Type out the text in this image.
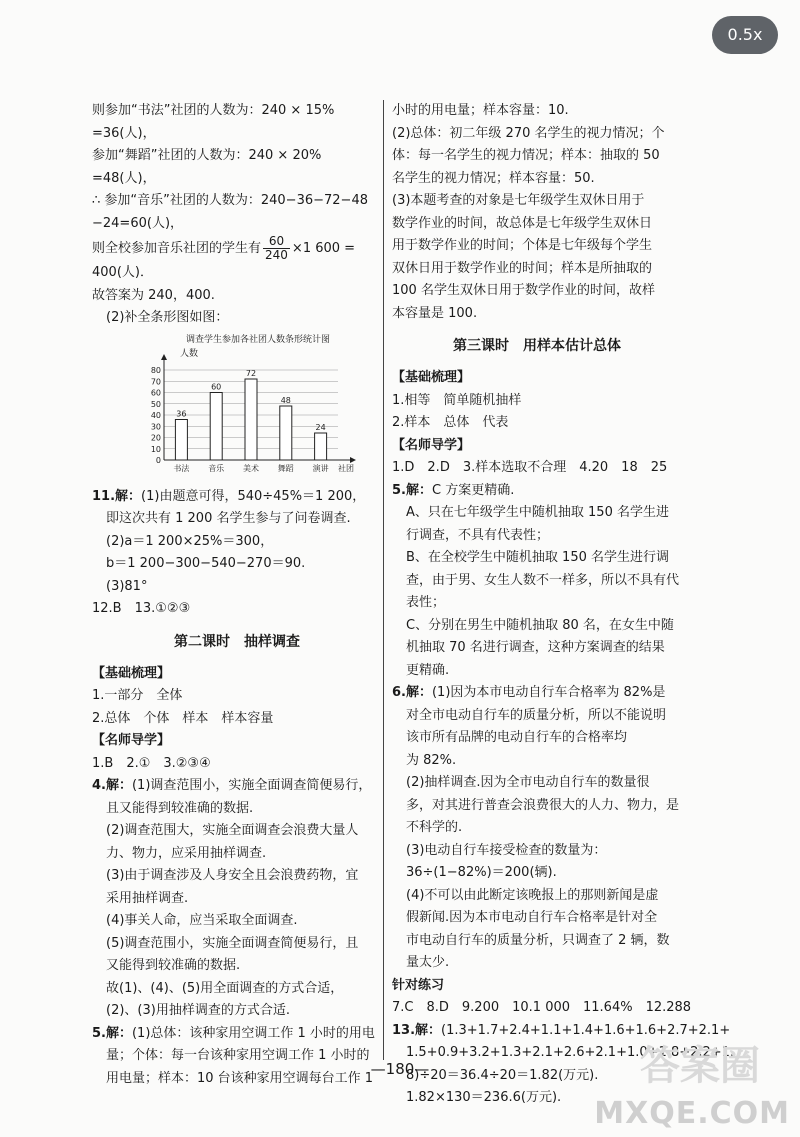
则参加“书法”社团的人数为：240 × 15%
=36(人)，
参加“舞蹈”社团的人数为：240 × 20%
=48(人)，
∴ 参加“音乐”社团的人数为：240−36−72−48
−24=60(人)，
则全校参加音乐社团的学生有 $\frac{60}{240} \times 1$ 600 =
400(人)．
故答案为 240，400.
(2)补全条形图如图：
调查学生参加各社团人数条形统计图
人数
0
10
20
30
40
50
60
70
80
36
书法
60
音乐
72
美术
48
舞蹈
24
演讲 社团
11.解：(1)由题意可得，540÷45%＝1 200，
即这次共有 1 200 名学生参与了问卷调查.
(2)a＝1 200×25%＝300，
b＝1 200−300−540−270＝90.
(3)81°
12.B　13.①②③
第二课时　抽样调查
【基础梳理】
1.一部分　全体
2.总体　个体　样本　样本容量
【名师导学】
1.B　2.①　3.②③④
4.解：(1)调查范围小，实施全面调查简便易行，
且又能得到较准确的数据.
(2)调查范围大，实施全面调查会浪费大量人
力、物力，应采用抽样调查.
(3)由于调查涉及人身安全且会浪费药物，宜
采用抽样调查.
(4)事关人命，应当采取全面调查.
(5)调查范围小，实施全面调查简便易行，且
又能得到较准确的数据.
故(1)、(4)、(5)用全面调查的方式合适，
(2)、(3)用抽样调查的方式合适.
5.解：(1)总体：该种家用空调工作 1 小时的用电
量；个体：每一台该种家用空调工作 1 小时的
用电量；样本：10 台该种家用空调每台工作 1
小时的用电量；样本容量：10.
(2)总体：初二年级 270 名学生的视力情况；个
体：每一名学生的视力情况；样本：抽取的 50
名学生的视力情况；样本容量：50.
(3)本题考查的对象是七年级学生双休日用于
数学作业的时间，故总体是七年级学生双休日
用于数学作业的时间；个体是七年级每个学生
双休日用于数学作业的时间；样本是所抽取的
100 名学生双休日用于数学作业的时间，故样
本容量是 100.
第三课时　用样本估计总体
【基础梳理】
1.相等　简单随机抽样
2.样本　总体　代表
【名师导学】
1.D　2.D　3.样本选取不合理　4.20　18　25
5.解：C 方案更精确.
A、只在七年级学生中随机抽取 150 名学生进
行调查，不具有代表性；
B、在全校学生中随机抽取 150 名学生进行调
查，由于男、女生人数不一样多，所以不具有代
表性；
C、分别在男生中随机抽取 80 名，在女生中随
机抽取 70 名进行调查，这种方案调查的结果
更精确.
6.解：(1)因为本市电动自行车合格率为 82%是
对全市电动自行车的质量分析，所以不能说明
该市所有品牌的电动自行车的合格率均
为 82%.
(2)抽样调查.因为全市电动自行车的数量很
多，对其进行普查会浪费很大的人力、物力，是
不科学的.
(3)电动自行车接受检查的数量为：
36÷(1−82%)＝200(辆).
(4)不可以由此断定该晚报上的那则新闻是虚
假新闻.因为本市电动自行车合格率是针对全
市电动自行车的质量分析，只调查了 2 辆，数
量太少.
针对练习
7.C　8.D　9.200　10.1 000　11.64%　12.288
13.解：(1.3+1.7+2.4+1.1+1.4+1.6+1.6+2.7+2.1+
1.5+0.9+3.2+1.3+2.1+2.6+2.1+1.0+1.8+2.2+1.
8)÷20＝36.4÷20＝1.82(万元).
1.82×130＝236.6(万元).
—180—	答案圈
MXQE.COM
0.5x
